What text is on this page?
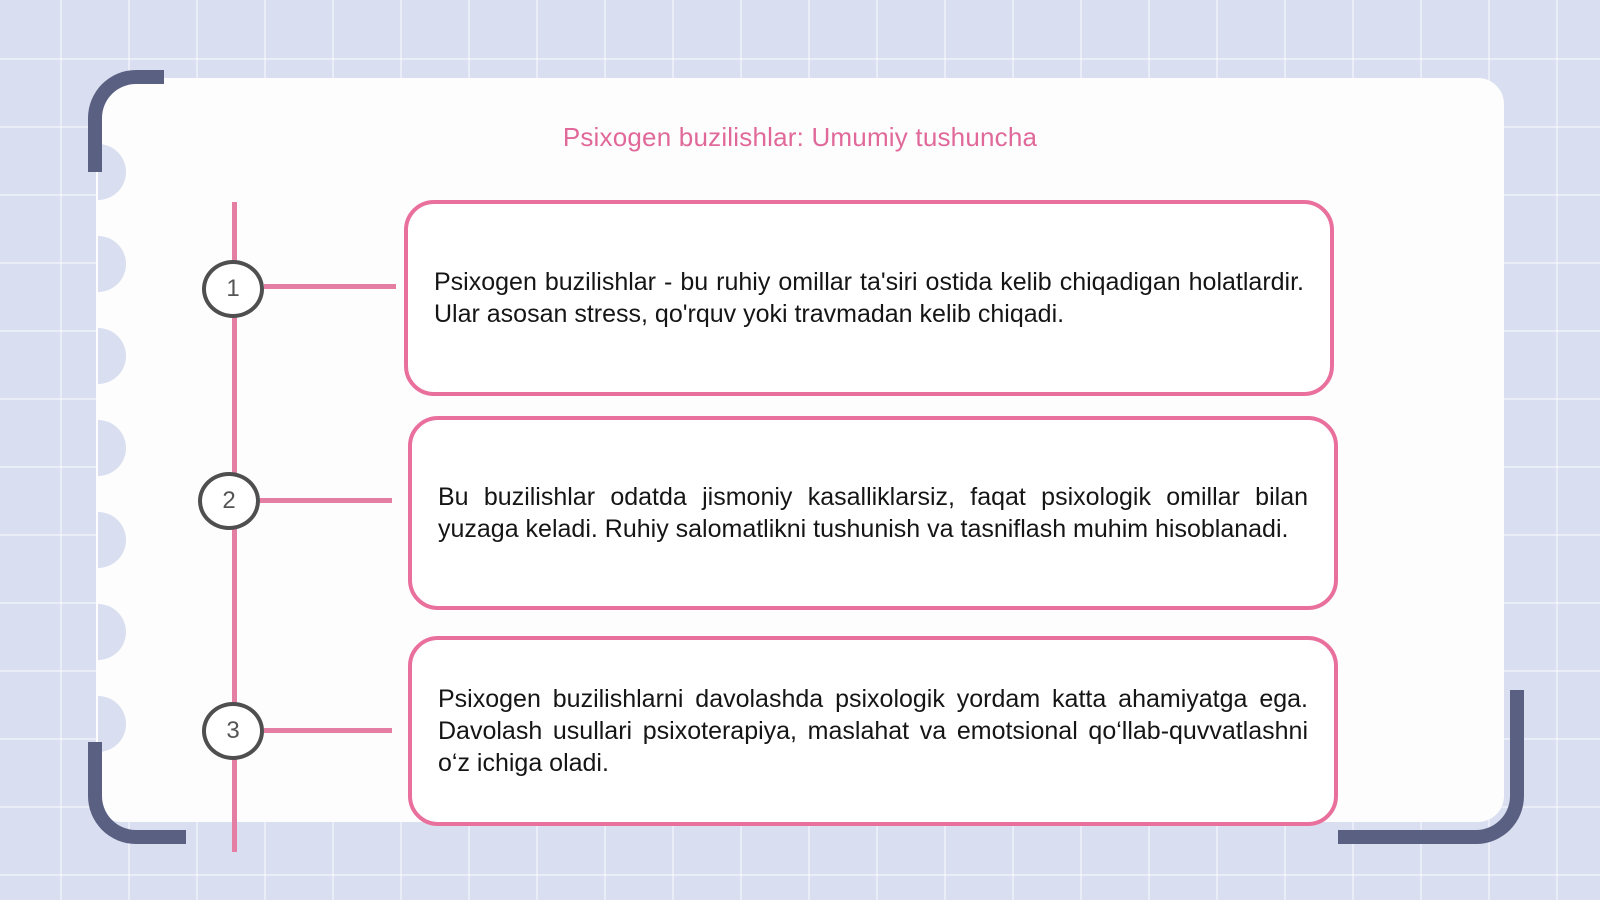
Psixogen buzilishlar: Umumiy tushuncha
1	Psixogen buzilishlar - bu ruhiy omillar ta'siri ostida kelib chiqadigan holatlardir. Ular asosan stress, qo'rquv yoki travmadan kelib chiqadi.
2	Bu buzilishlar odatda jismoniy kasalliklarsiz, faqat psixologik omillar bilan yuzaga keladi. Ruhiy salomatlikni tushunish va tasniflash muhim hisoblanadi.
3
Psixogen buzilishlarni davolashda psixologik yordam katta ahamiyatga ega. Davolash usullari psixoterapiya, maslahat va emotsional qo‘llab-quvvatlashni o‘z ichiga oladi.
